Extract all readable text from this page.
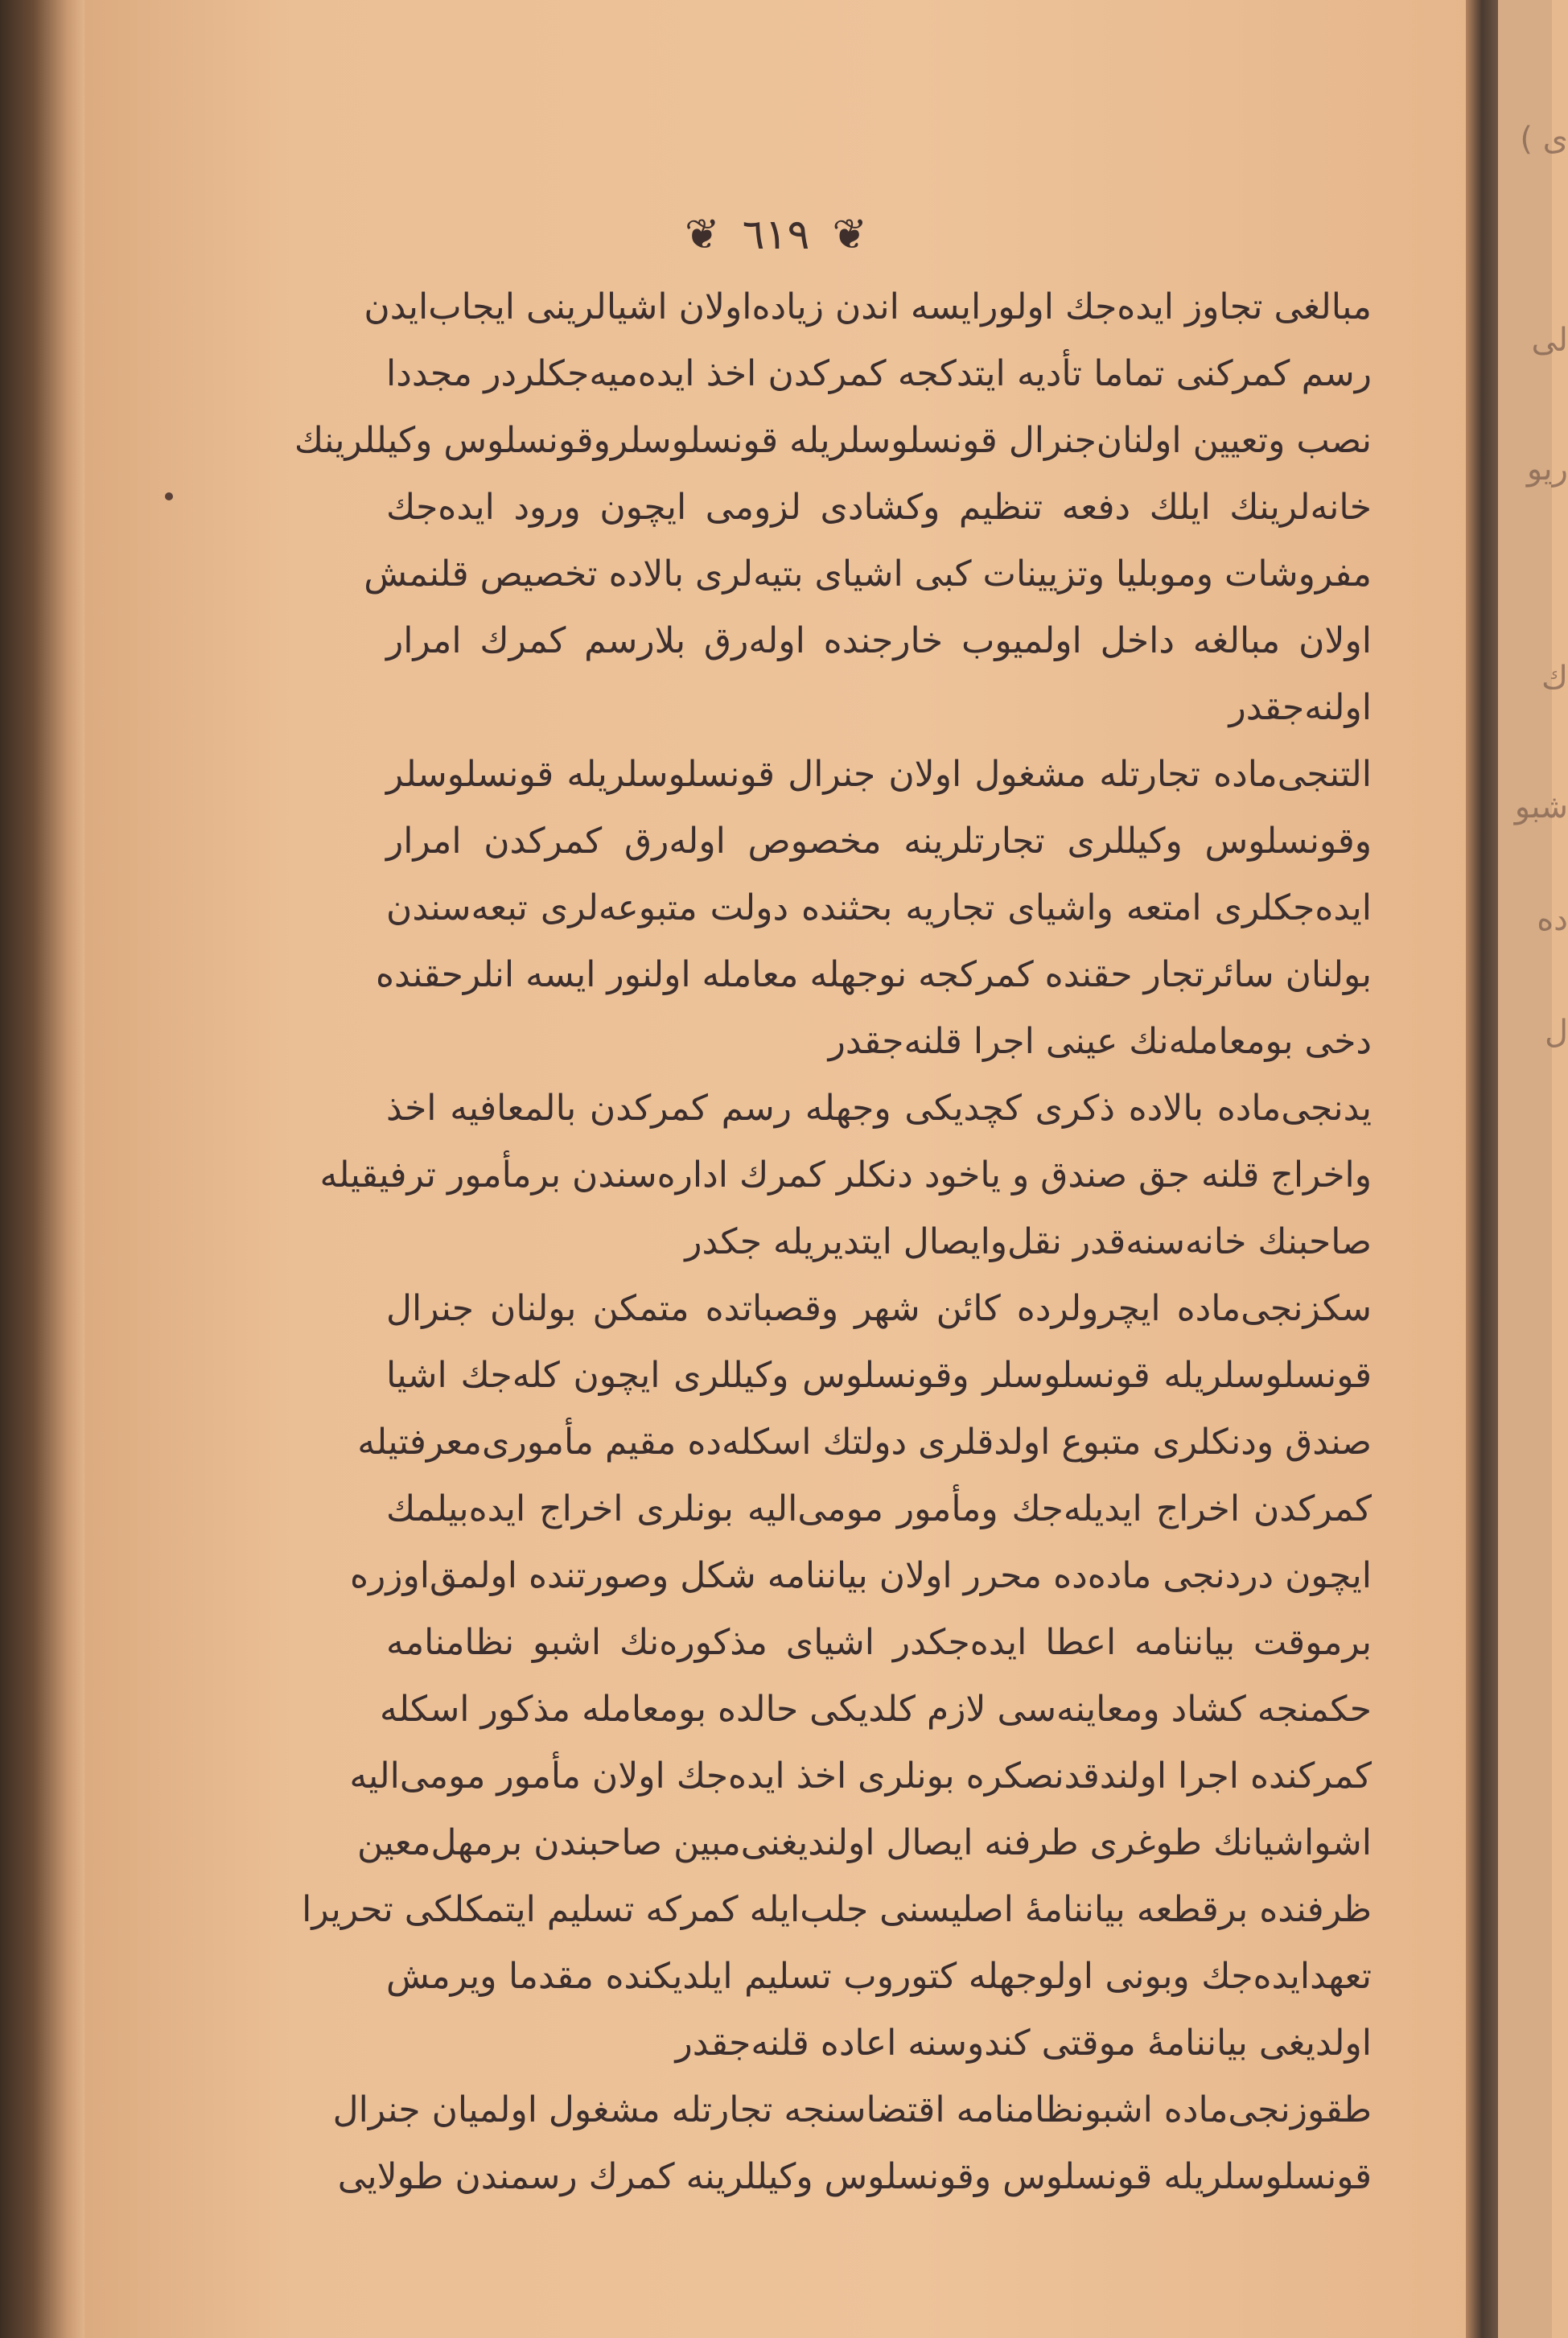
ى )
لی
ریو
ك
شبو
ده
ل
❦٦١٩❦
مبالغی تجاوز ایده‌جك اولورایسه اندن زیاده‌اولان اشیالرینی ایجاب‌ایدن
رسم كمركنی تماما تأدیه ایتدكجه كمركدن اخذ ایده‌میه‌جكلردر مجددا
نصب وتعیین اولنان‌جنرال قونسلوسلریله قونسلوسلروقونسلوس وكیللرینك
خانه‌لرینك ایلك دفعه تنظیم وكشادی لزومی ایچون ورود ایده‌جك
مفروشات وموبلیا وتزیینات كبی اشیای بتیه‌لری بالاده تخصیص قلنمش
اولان مبالغه داخل اولمیوب خارجنده اوله‌رق بلارسم كمرك امرار
اولنه‌جقدر
التنجی‌ماده تجارتله مشغول اولان جنرال قونسلوسلریله قونسلوسلر
وقونسلوس وكیللری تجارتلرینه مخصوص اوله‌رق كمركدن امرار
ایده‌جكلری امتعه واشیای تجاریه بحثنده دولت متبوعه‌لری تبعه‌سندن
بولنان سائرتجار حقنده كمركجه نوجهله معامله اولنور ایسه انلرحقنده
دخی بومعامله‌نك عینی اجرا قلنه‌جقدر
یدنجی‌ماده بالاده ذكری كچدیكی وجهله رسم كمركدن بالمعافیه اخذ
واخراج قلنه جق صندق و یاخود دنكلر كمرك اداره‌سندن برمأمور ترفیقیله
صاحبنك خانه‌سنه‌قدر نقل‌وایصال ایتدیریله جكدر
سكزنجی‌ماده ایچرولرده كائن شهر وقصباتده متمكن بولنان جنرال
قونسلوسلریله قونسلوسلر وقونسلوس وكیللری ایچون كله‌جك اشیا
صندق ودنكلری متبوع اولدقلری دولتك اسكله‌ده مقیم مأموری‌معرفتیله
كمركدن اخراج ایدیله‌جك ومأمور مومی‌الیه بونلری اخراج ایده‌بیلمك
ایچون دردنجی ماده‌ده محرر اولان بیاننامه شكل وصورتنده اولمق‌اوزره
برموقت بیاننامه اعطا ایده‌جكدر اشیای مذكوره‌نك اشبو نظامنامه
حكمنجه كشاد ومعاینه‌سی لازم كلدیكی حالده بومعامله مذكور اسكله
كمركنده اجرا اولندقدنصكره بونلری اخذ ایده‌جك اولان مأمور مومی‌الیه
اشواشیانك طوغری طرفنه ایصال اولندیغنی‌مبین صاحبندن برمهل‌معین
ظرفنده برقطعه بیاننامهٔ اصلیسنی جلب‌ایله كمركه تسلیم ایتمكلكی تحریرا
تعهدایده‌جك وبونی اولوجهله كتوروب تسلیم ایلدیكنده مقدما ویرمش
اولدیغی بیاننامهٔ موقتی كندوسنه اعاده قلنه‌جقدر
طقوزنجی‌ماده اشبونظامنامه اقتضاسنجه تجارتله مشغول اولمیان جنرال
قونسلوسلریله قونسلوس وقونسلوس وكیللرینه كمرك رسمندن طولایی
